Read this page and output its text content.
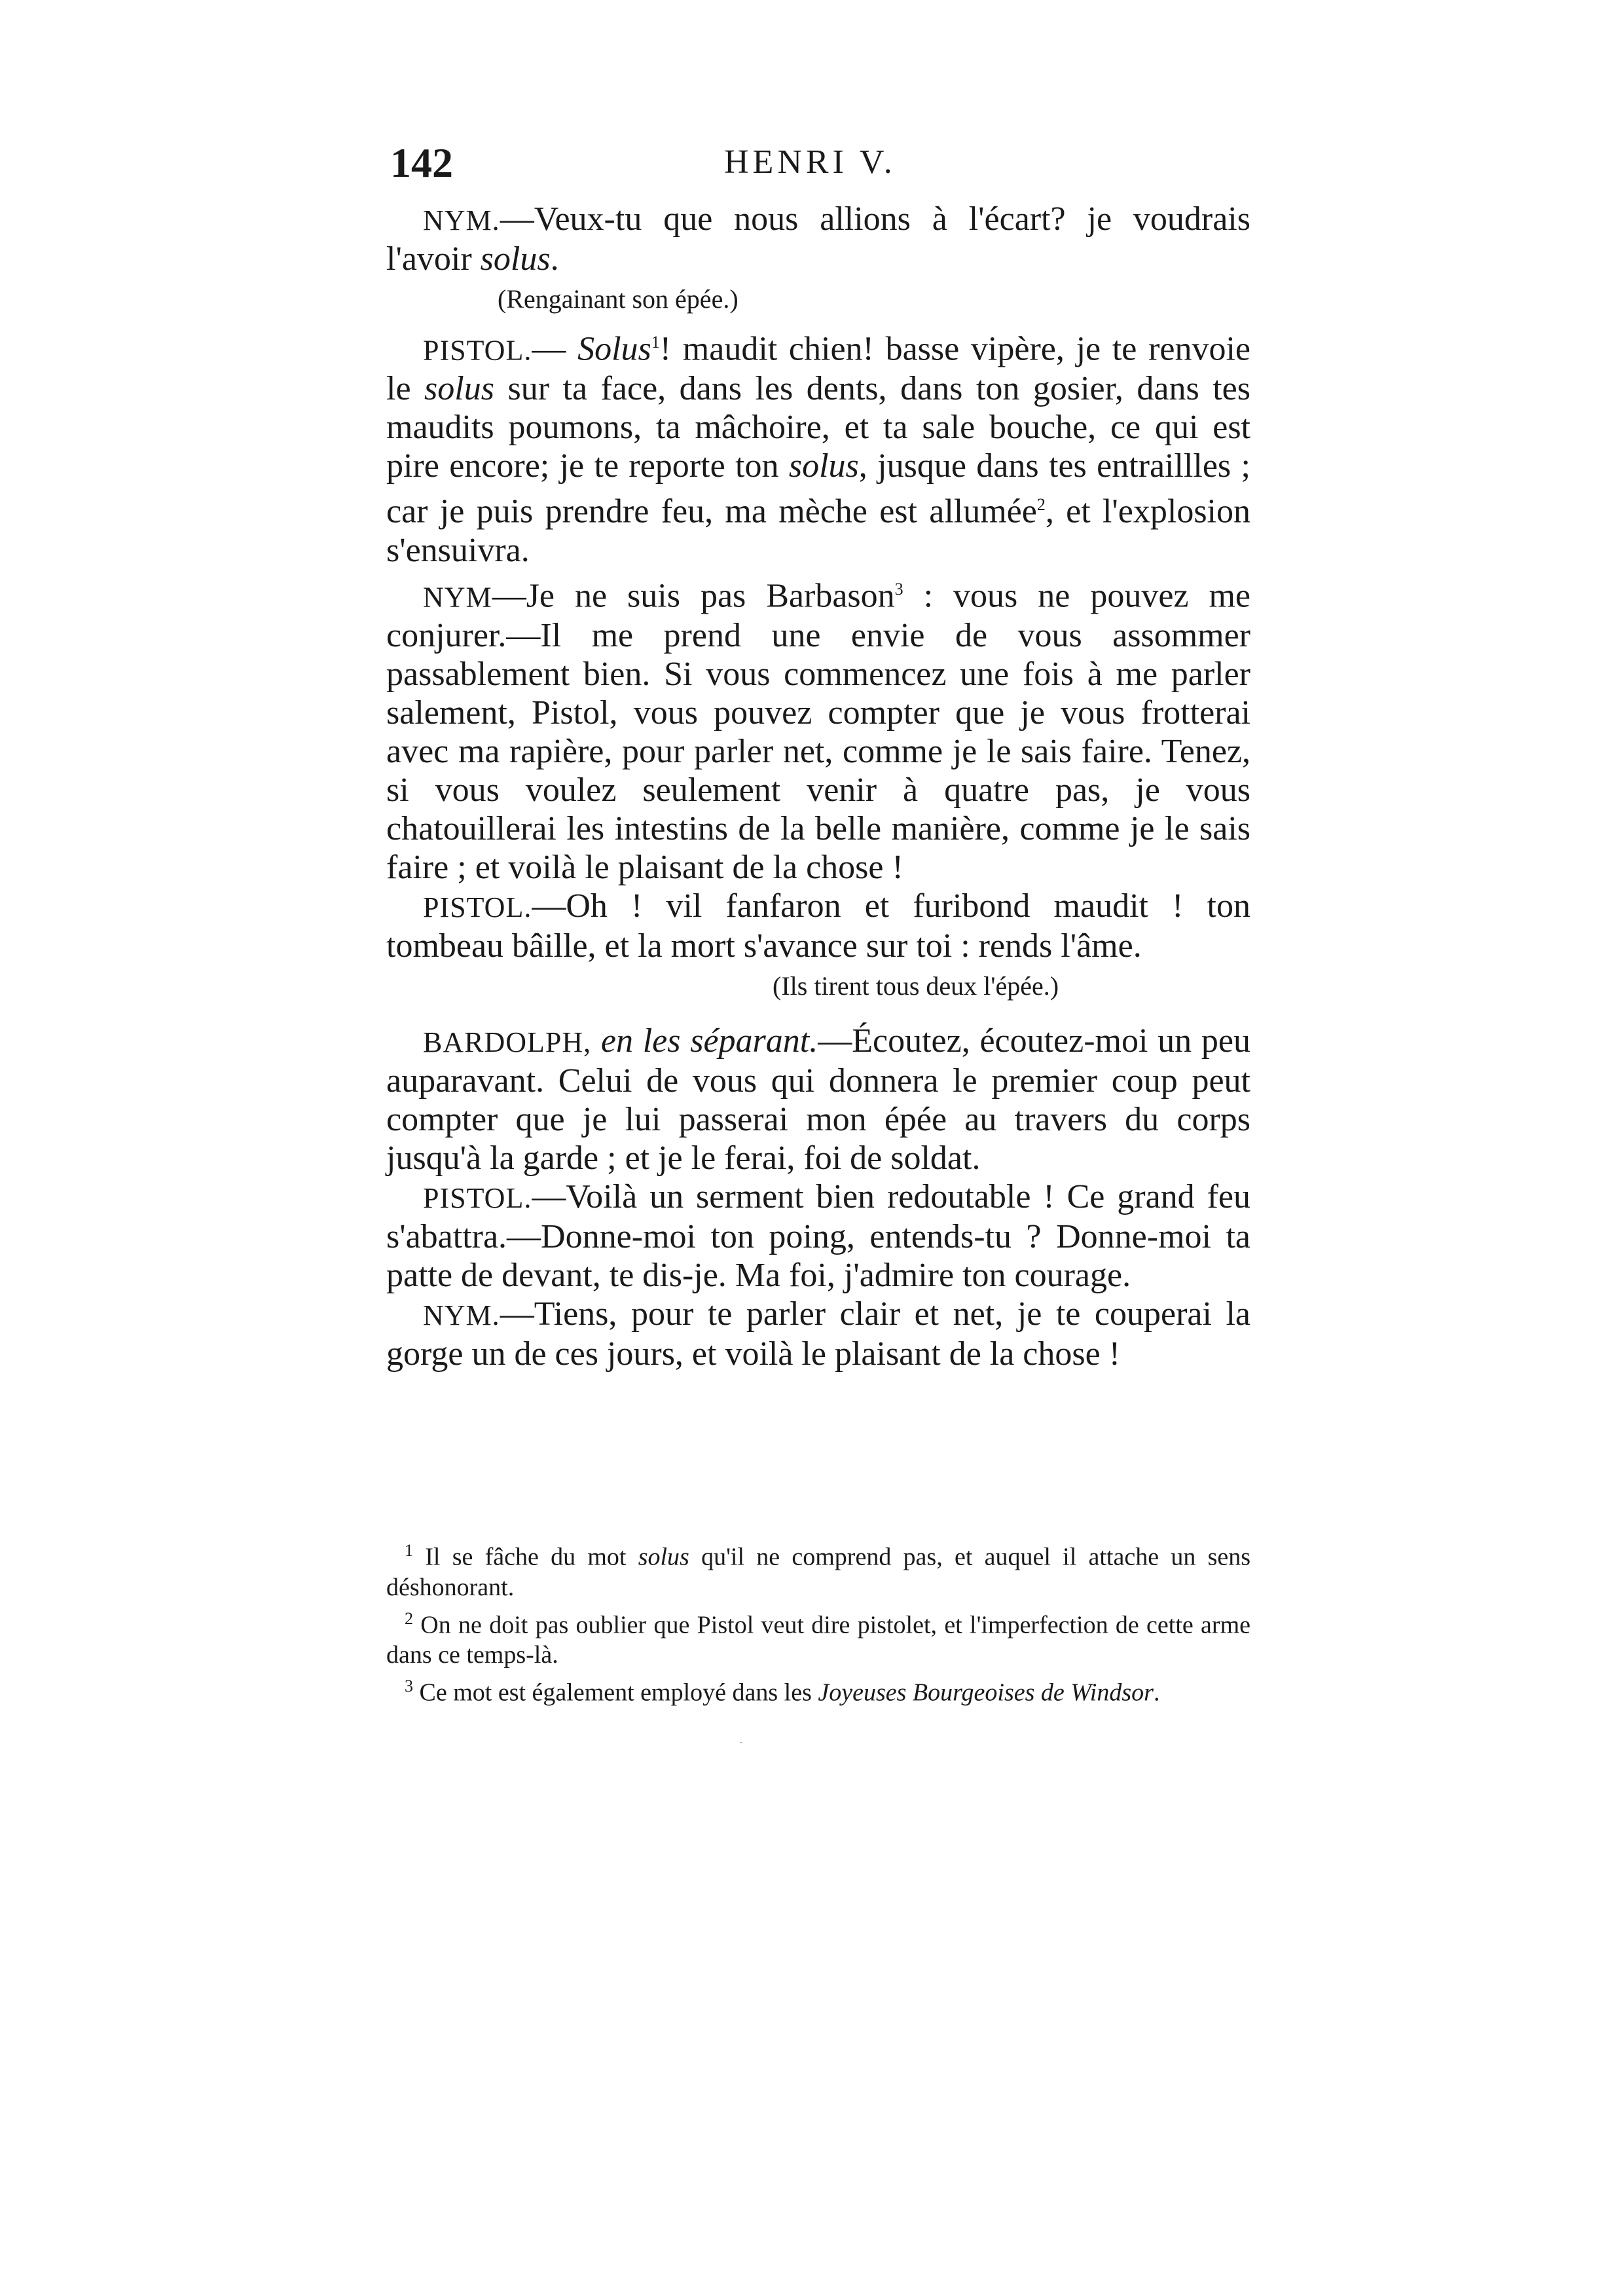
142	HENRI V.

NYM.—Veux-tu que nous allions à l'écart? je voudrais l'avoir solus.

(Rengainant son épée.)

PISTOL.— Solus$^1$! maudit chien! basse vipère, je te renvoie le solus sur ta face, dans les dents, dans ton gosier, dans tes maudits poumons, ta mâchoire, et ta sale bouche, ce qui est pire encore; je te reporte ton solus, jusque dans tes entraillles ; car je puis prendre feu, ma mèche est allumée$^2$, et l'explosion s'ensuivra.

NYM—Je ne suis pas Barbason$^3$ : vous ne pouvez me conjurer.—Il me prend une envie de vous assommer passablement bien. Si vous commencez une fois à me parler salement, Pistol, vous pouvez compter que je vous frotterai avec ma rapière, pour parler net, comme je le sais faire. Tenez, si vous voulez seulement venir à quatre pas, je vous chatouillerai les intestins de la belle manière, comme je le sais faire ; et voilà le plaisant de la chose !

PISTOL.—Oh ! vil fanfaron et furibond maudit ! ton tombeau bâille, et la mort s'avance sur toi : rends l'âme.

(Ils tirent tous deux l'épée.)

BARDOLPH, en les séparant.—Écoutez, écoutez-moi un peu auparavant. Celui de vous qui donnera le premier coup peut compter que je lui passerai mon épée au travers du corps jusqu'à la garde ; et je le ferai, foi de soldat.

PISTOL.—Voilà un serment bien redoutable ! Ce grand feu s'abattra.—Donne-moi ton poing, entends-tu ? Donne-moi ta patte de devant, te dis-je. Ma foi, j'admire ton courage.

NYM.—Tiens, pour te parler clair et net, je te couperai la gorge un de ces jours, et voilà le plaisant de la chose !

$^1$ Il se fâche du mot solus qu'il ne comprend pas, et auquel il attache un sens déshonorant.

$^2$ On ne doit pas oublier que Pistol veut dire pistolet, et l'imperfection de cette arme dans ce temps-là.

$^3$ Ce mot est également employé dans les Joyeuses Bourgeoises de Windsor.
